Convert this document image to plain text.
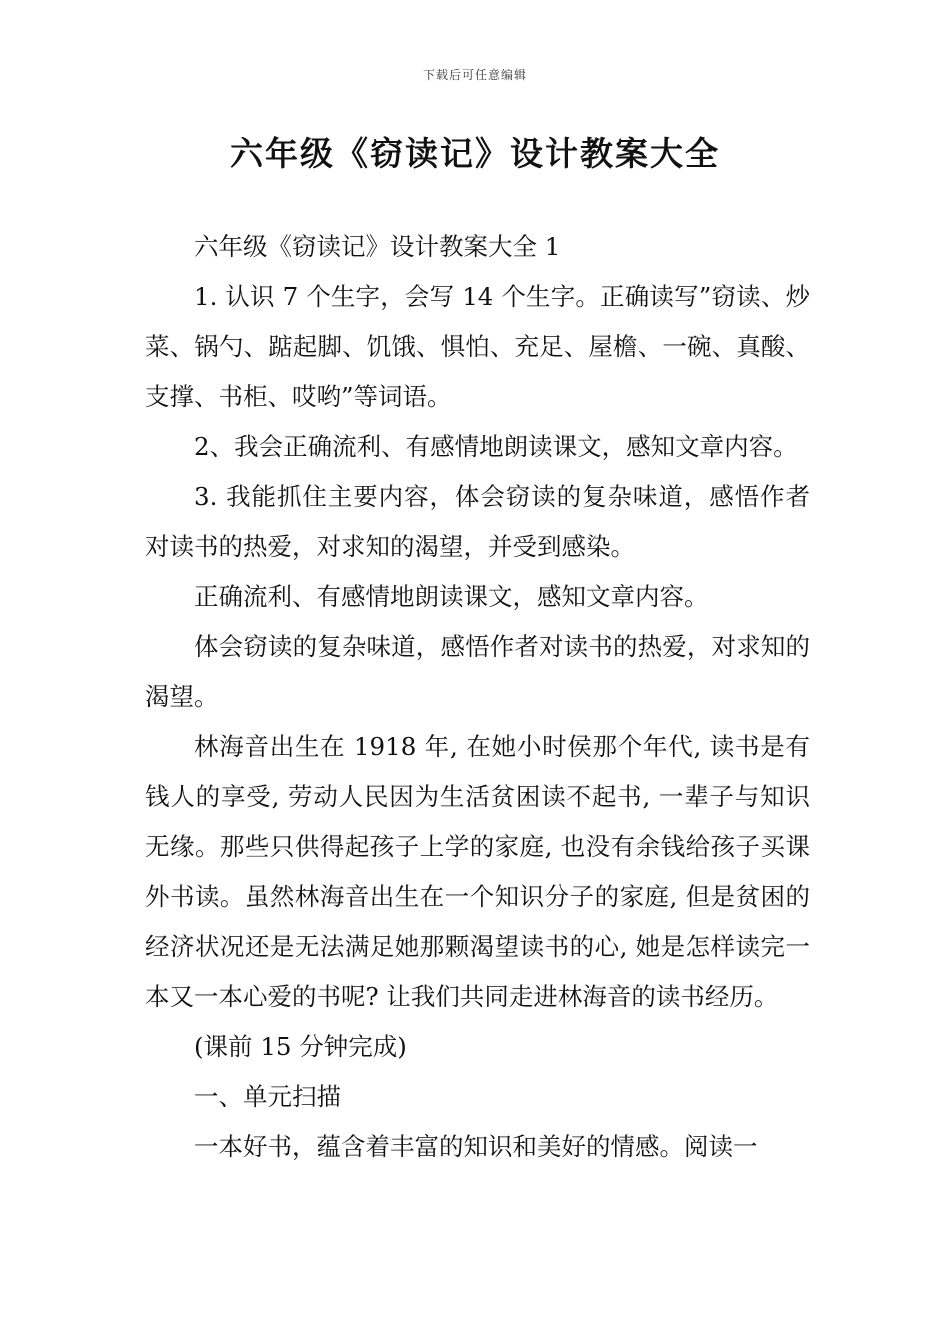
下载后可任意编辑
六年级《窃读记》设计教案大全

六年级《窃读记》设计教案大全 1

1. 认识 7 个生字，会写 14 个生字。正确读写”窃读、炒菜、锅勺、踮起脚、饥饿、惧怕、充足、屋檐、一碗、真酸、支撑、书柜、哎哟”等词语。

2、我会正确流利、有感情地朗读课文，感知文章内容。

3. 我能抓住主要内容，体会窃读的复杂味道，感悟作者对读书的热爱，对求知的渴望，并受到感染。

正确流利、有感情地朗读课文，感知文章内容。

体会窃读的复杂味道，感悟作者对读书的热爱，对求知的渴望。

林海音出生在 1918 年, 在她小时侯那个年代, 读书是有钱人的享受, 劳动人民因为生活贫困读不起书, 一辈子与知识无缘。那些只供得起孩子上学的家庭, 也没有余钱给孩子买课外书读。虽然林海音出生在一个知识分子的家庭, 但是贫困的经济状况还是无法满足她那颗渴望读书的心, 她是怎样读完一本又一本心爱的书呢? 让我们共同走进林海音的读书经历。

(课前 15 分钟完成)

一、单元扫描

一本好书，蕴含着丰富的知识和美好的情感。阅读一
